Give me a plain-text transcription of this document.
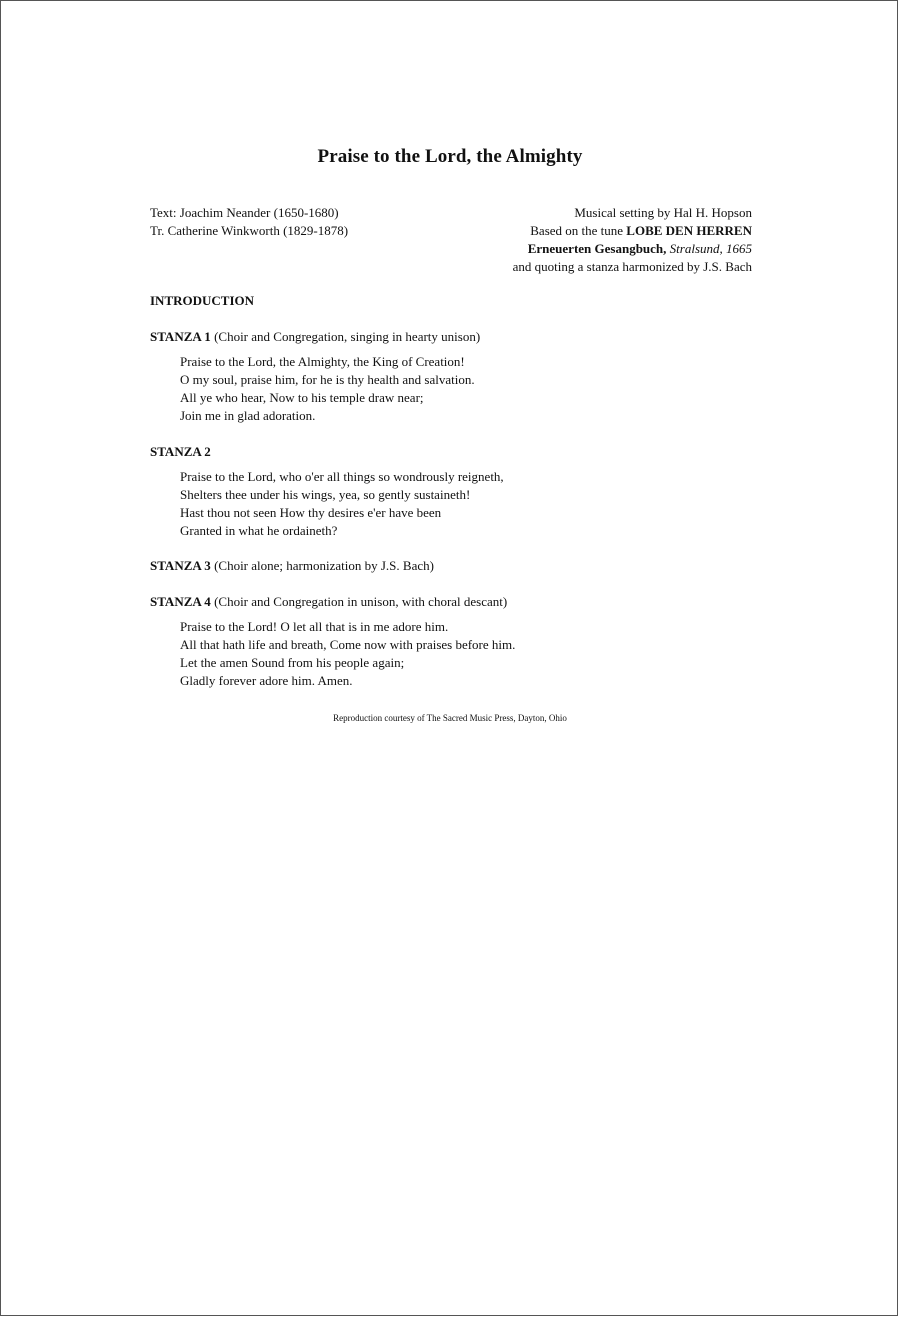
Praise to the Lord, the Almighty
Text: Joachim Neander (1650-1680)
Tr. Catherine Winkworth (1829-1878)
Musical setting by Hal H. Hopson
Based on the tune LOBE DEN HERREN
Erneuerten Gesangbuch, Stralsund, 1665
and quoting a stanza harmonized by J.S. Bach
INTRODUCTION
STANZA 1 (Choir and Congregation, singing in hearty unison)
Praise to the Lord, the Almighty, the King of Creation!
O my soul, praise him, for he is thy health and salvation.
All ye who hear, Now to his temple draw near;
Join me in glad adoration.
STANZA 2
Praise to the Lord, who o'er all things so wondrously reigneth,
Shelters thee under his wings, yea, so gently sustaineth!
Hast thou not seen How thy desires e'er have been
Granted in what he ordaineth?
STANZA 3 (Choir alone; harmonization by J.S. Bach)
STANZA 4 (Choir and Congregation in unison, with choral descant)
Praise to the Lord! O let all that is in me adore him.
All that hath life and breath, Come now with praises before him.
Let the amen Sound from his people again;
Gladly forever adore him. Amen.
Reproduction courtesy of The Sacred Music Press, Dayton, Ohio
